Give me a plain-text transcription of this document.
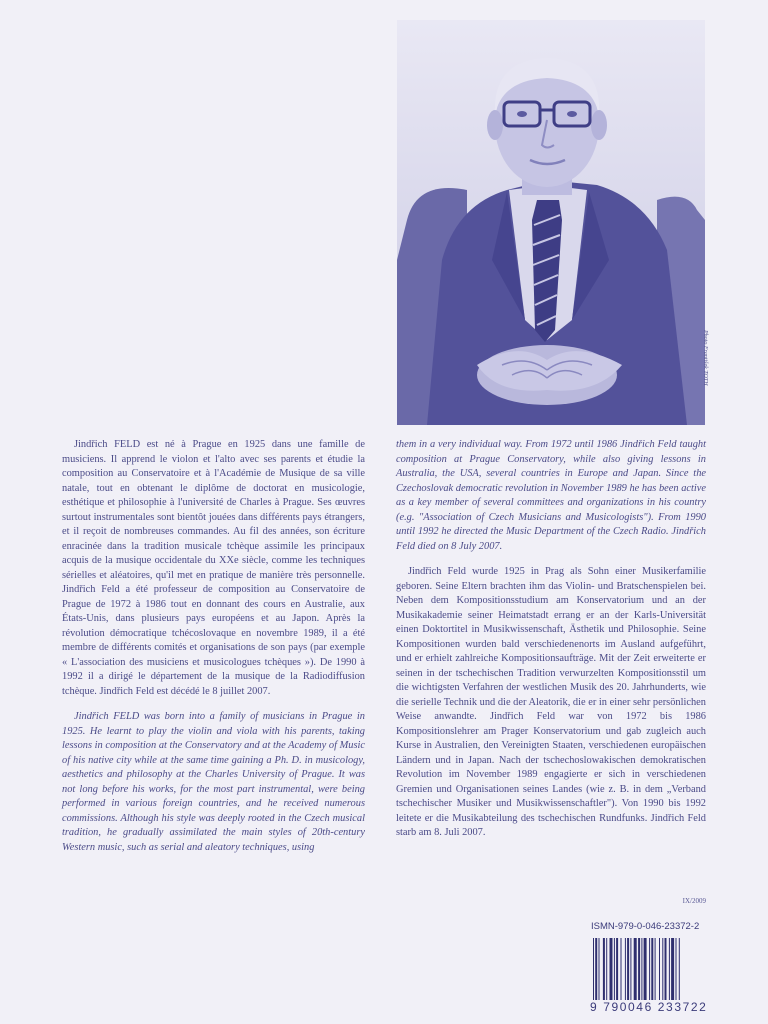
Photo František TOTH

Jindřich FELD est né à Prague en 1925 dans une famille de musiciens. Il apprend le violon et l'alto avec ses parents et étudie la composition au Conservatoire et à l'Académie de Musique de sa ville natale, tout en obtenant le diplôme de doctorat en musicologie, esthétique et philosophie à l'université de Charles à Prague. Ses œuvres surtout instrumentales sont bientôt jouées dans différents pays étrangers, et il reçoit de nombreuses commandes. Au fil des années, son écriture enracinée dans la tradition musicale tchèque assimile les principaux acquis de la musique occidentale du XXe siècle, comme les techniques sérielles et aléatoires, qu'il met en pratique de manière très personnelle. Jindřich Feld a été professeur de composition au Conservatoire de Prague de 1972 à 1986 tout en donnant des cours en Australie, aux États-Unis, dans plusieurs pays européens et au Japon. Après la révolution démocratique tchécoslovaque en novembre 1989, il a été membre de différents comités et organisations de son pays (par exemple « L'association des musiciens et musicologues tchèques »). De 1990 à 1992 il a dirigé le département de la musique de la Radiodiffusion tchèque. Jindřich Feld est décédé le 8 juillet 2007.

Jindřich FELD was born into a family of musicians in Prague in 1925. He learnt to play the violin and viola with his parents, taking lessons in composition at the Conservatory and at the Academy of Music of his native city while at the same time gaining a Ph. D. in musicology, aesthetics and philosophy at the Charles University of Prague. It was not long before his works, for the most part instrumental, were being performed in various foreign countries, and he received numerous commissions. Although his style was deeply rooted in the Czech musical tradition, he gradually assimilated the main styles of 20th-century Western music, such as serial and aleatory techniques, using

them in a very individual way. From 1972 until 1986 Jindřich Feld taught composition at Prague Conservatory, while also giving lessons in Australia, the USA, several countries in Europe and Japan. Since the Czechoslovak democratic revolution in November 1989 he has been active as a key member of several committees and organizations in his country (e.g. "Association of Czech Musicians and Musicologists"). From 1990 until 1992 he directed the Music Department of the Czech Radio. Jindřich Feld died on 8 July 2007.

Jindřich Feld wurde 1925 in Prag als Sohn einer Musikerfamilie geboren. Seine Eltern brachten ihm das Violin- und Bratschenspielen bei. Neben dem Kompositionsstudium am Konservatorium und an der Musikakademie seiner Heimatstadt errang er an der Karls-Universität einen Doktortitel in Musikwissenschaft, Ästhetik und Philosophie. Seine Kompositionen wurden bald verschiedenenorts im Ausland aufgeführt, und er erhielt zahlreiche Kompositionsaufträge. Mit der Zeit erweiterte er seinen in der tschechischen Tradition verwurzelten Kompositionsstil um die wichtigsten Verfahren der westlichen Musik des 20. Jahrhunderts, wie die serielle Technik und die der Aleatorik, die er in einer sehr persönlichen Weise anwandte. Jindřich Feld war von 1972 bis 1986 Kompositionslehrer am Prager Konservatorium und gab zugleich auch Kurse in Australien, den Vereinigten Staaten, verschiedenen europäischen Ländern und in Japan. Nach der tschechoslowakischen demokratischen Revolution im November 1989 engagierte er sich in verschiedenen Gremien und Organisationen seines Landes (wie z. B. in dem „Verband tschechischer Musiker und Musikwissenschaftler"). Von 1990 bis 1992 leitete er die Musikabteilung des tschechischen Rundfunks. Jindřich Feld starb am 8. Juli 2007.

IX/2009
ISMN-979-0-046-23372-2
9 790046 233722
